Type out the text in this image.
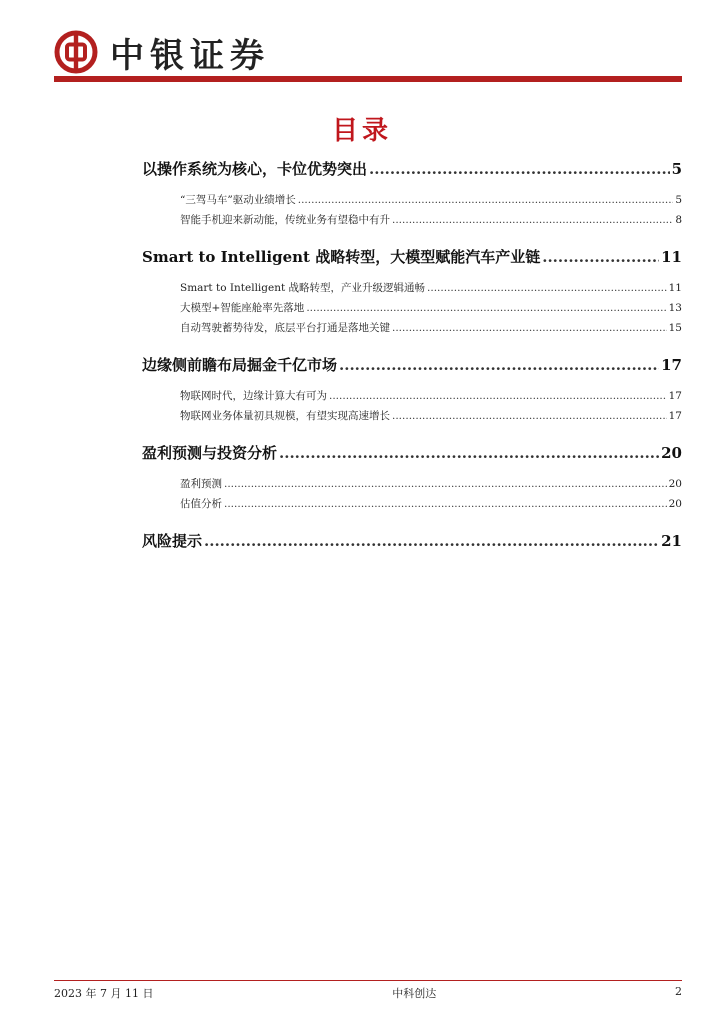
中银证券
目录
以操作系统为核心，卡位优势突出 .....	5
“三驾马车”驱动业绩增长 .....	5
智能手机迎来新动能，传统业务有望稳中有升 .....	8
Smart to Intelligent 战略转型，大模型赋能汽车产业链 .....	11
Smart to Intelligent 战略转型，产业升级逻辑通畅 .....	11
大模型+智能座舱率先落地 .....	13
自动驾驶蓄势待发，底层平台打通是落地关键 .....	15
边缘侧前瞻布局掘金千亿市场 .....	17
物联网时代，边缘计算大有可为 .....	17
物联网业务体量初具规模，有望实现高速增长 .....	17
盈利预测与投资分析 .....	20
盈利预测 .....	20
估值分析 .....	20
风险提示 .....	21
2023 年 7 月 11 日	中科创达	2
